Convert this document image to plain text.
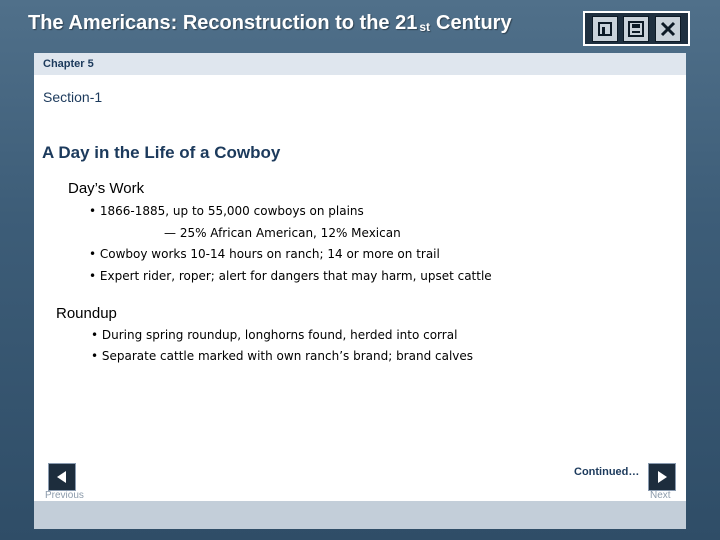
The Americans: Reconstruction to the 21 $^{st}$ Century
Chapter 5
Section-1
A Day in the Life of a Cowboy
Day’s Work
• 1866-1885, up to 55,000 cowboys on plains
— 25% African American, 12% Mexican
• Cowboy works 10-14 hours on ranch; 14 or more on trail
• Expert rider, roper; alert for dangers that may harm, upset cattle
Roundup
• During spring roundup, longhorns found, herded into corral
• Separate cattle marked with own ranch’s brand; brand calves
Continued…
Previous	Next
